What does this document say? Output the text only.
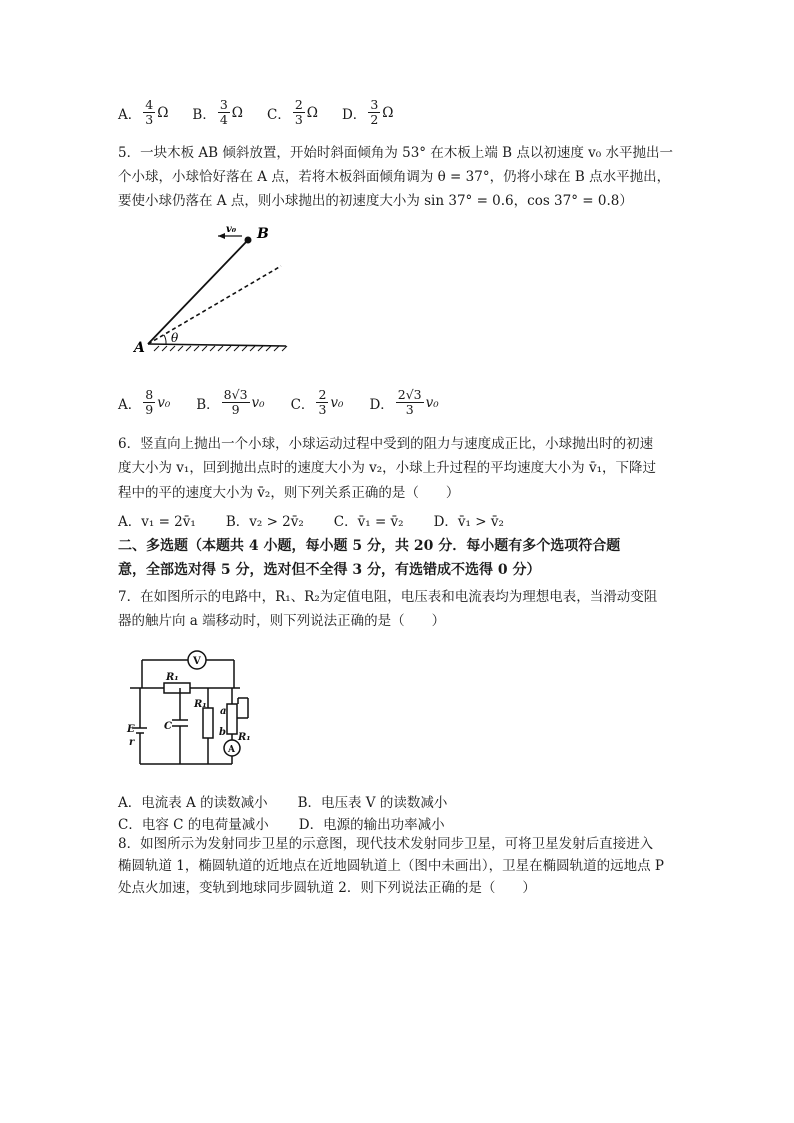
A． $\frac{4}{3}$ Ω B． $\frac{3}{4}$ Ω C． $\frac{2}{3}$ Ω D． $\frac{3}{2}$ Ω
5．一块木板 AB 倾斜放置，开始时斜面倾角为 53° 在木板上端 B 点以初速度 v₀ 水平抛出一
个小球，小球恰好落在 A 点，若将木板斜面倾角调为 θ = 37°，仍将小球在 B 点水平抛出，
要使小球仍落在 A 点，则小球抛出的初速度大小为 sin 37° = 0.6，cos 37° = 0.8）
v₀ B
A
θ
A． $\frac{8}{9} v_0$ B． $\frac{8√3}{9} v_0$ C． $\frac{2}{3} v_0$ D． $\frac{2√3}{3} v_0$
6．竖直向上抛出一个小球，小球运动过程中受到的阻力与速度成正比，小球抛出时的初速
度大小为 v₁，回到抛出点时的速度大小为 v₂，小球上升过程的平均速度大小为 v̄₁，下降过
程中的平的速度大小为 v̄₂，则下列关系正确的是（　　）
A．v₁ = 2v̄₁ B．v₂ > 2v̄₂ C．v̄₁ = v̄₂ D．v̄₁ > v̄₂
二、多选题（本题共 4 小题，每小题 5 分，共 20 分．每小题有多个选项符合题
意，全部选对得 5 分，选对但不全得 3 分，有选错成不选得 0 分）
7．在如图所示的电路中，R₁、R₂为定值电阻，电压表和电流表均为理想电表，当滑动变阻
器的触片向 a 端移动时，则下列说法正确的是（　　）
V
R₁
R₁
R₁
C
E
r
a
b
A
A．电流表 A 的读数减小 B．电压表 V 的读数减小
C．电容 C 的电荷量减小 D．电源的输出功率减小
8．如图所示为发射同步卫星的示意图，现代技术发射同步卫星，可将卫星发射后直接进入
椭圆轨道 1，椭圆轨道的近地点在近地圆轨道上（图中未画出），卫星在椭圆轨道的远地点 P
处点火加速，变轨到地球同步圆轨道 2．则下列说法正确的是（　　）
